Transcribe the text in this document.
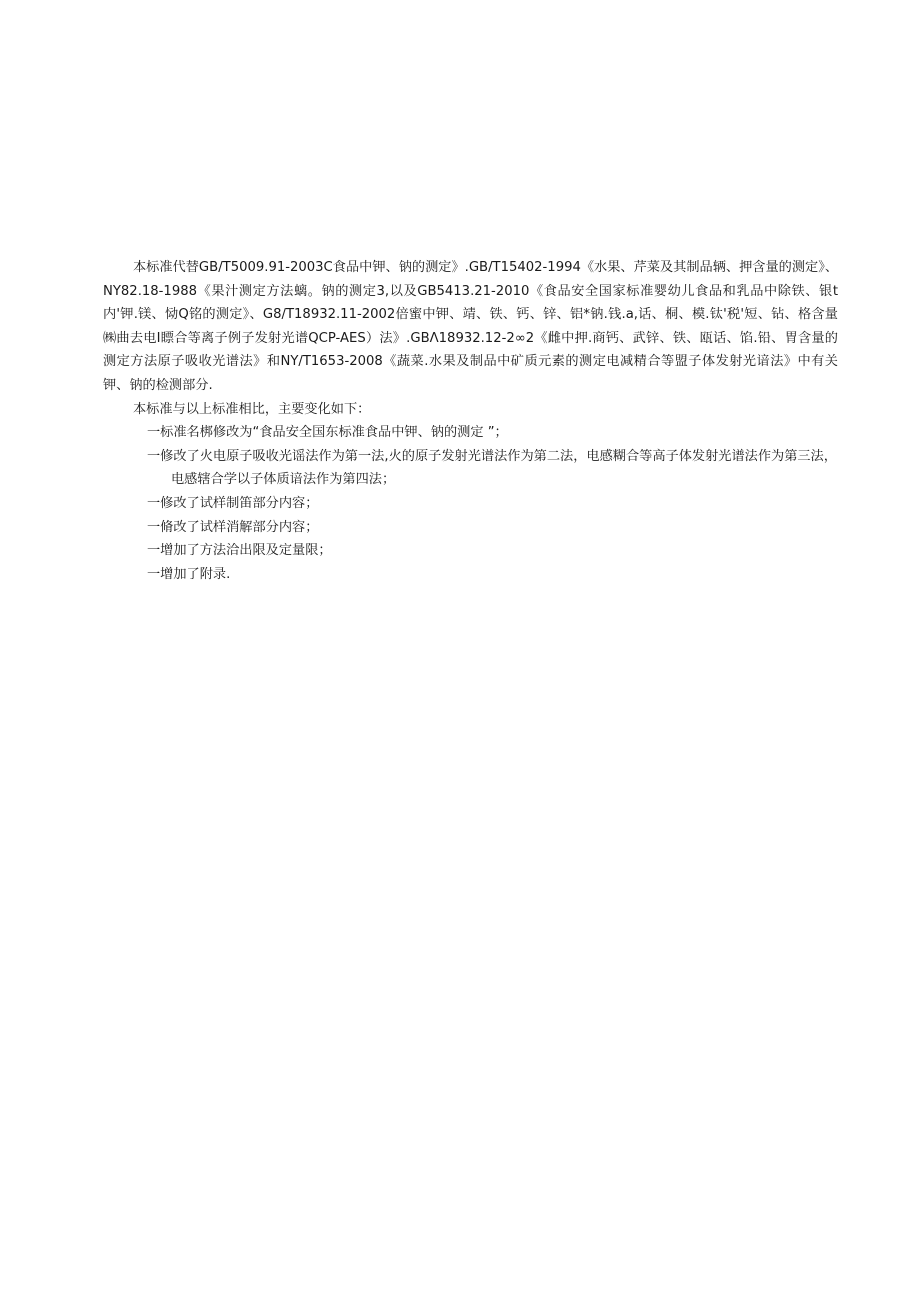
本标准代替GB/T5009.91-2003C食品中钾、钠的测定》.GB/T15402-1994《水果、芹菜及其制品辆、押含量的测定》、NY82.18-1988《果汁测定方法螭。钠的测定3,以及GB5413.21-2010《食品安全国家标准婴幼儿食品和乳品中除铁、银t内'钾.镁、恸Q铭的测定》、G8/T18932.11-2002倍蜜中钾、靖、铁、钙、锌、铝*钠.钱.a,话、桐、模.钛'税'短、钻、格含量㈱曲去电I瞟合等离子例子发射光谱QCP-AES）法》.GBΛ18932.12-2∞2《雌中押.商钙、武锌、铁、瓯话、馅.铅、胃含量的测定方法原子吸收光谱法》和NY/T1653-2008《蔬菜.水果及制品中矿质元素的测定电减精合等盟子体发射光谙法》中有关钾、钠的检测部分.

本标准与以上标准相比，主要变化如下：

一标准名梆修改为“食品安全国东标准食品中钾、钠的测定 ”；
一修改了火电原子吸收光谣法作为第一法,火的原子发射光谱法作为第二法，电感糊合等高子体发射光谱法作为第三法，电感辖合学以子体质谙法作为第四法；
一修改了试样制笛部分内容；
一脩改了试样消解部分内容；
一增加了方法洽出限及定量限；
一增加了附录.
